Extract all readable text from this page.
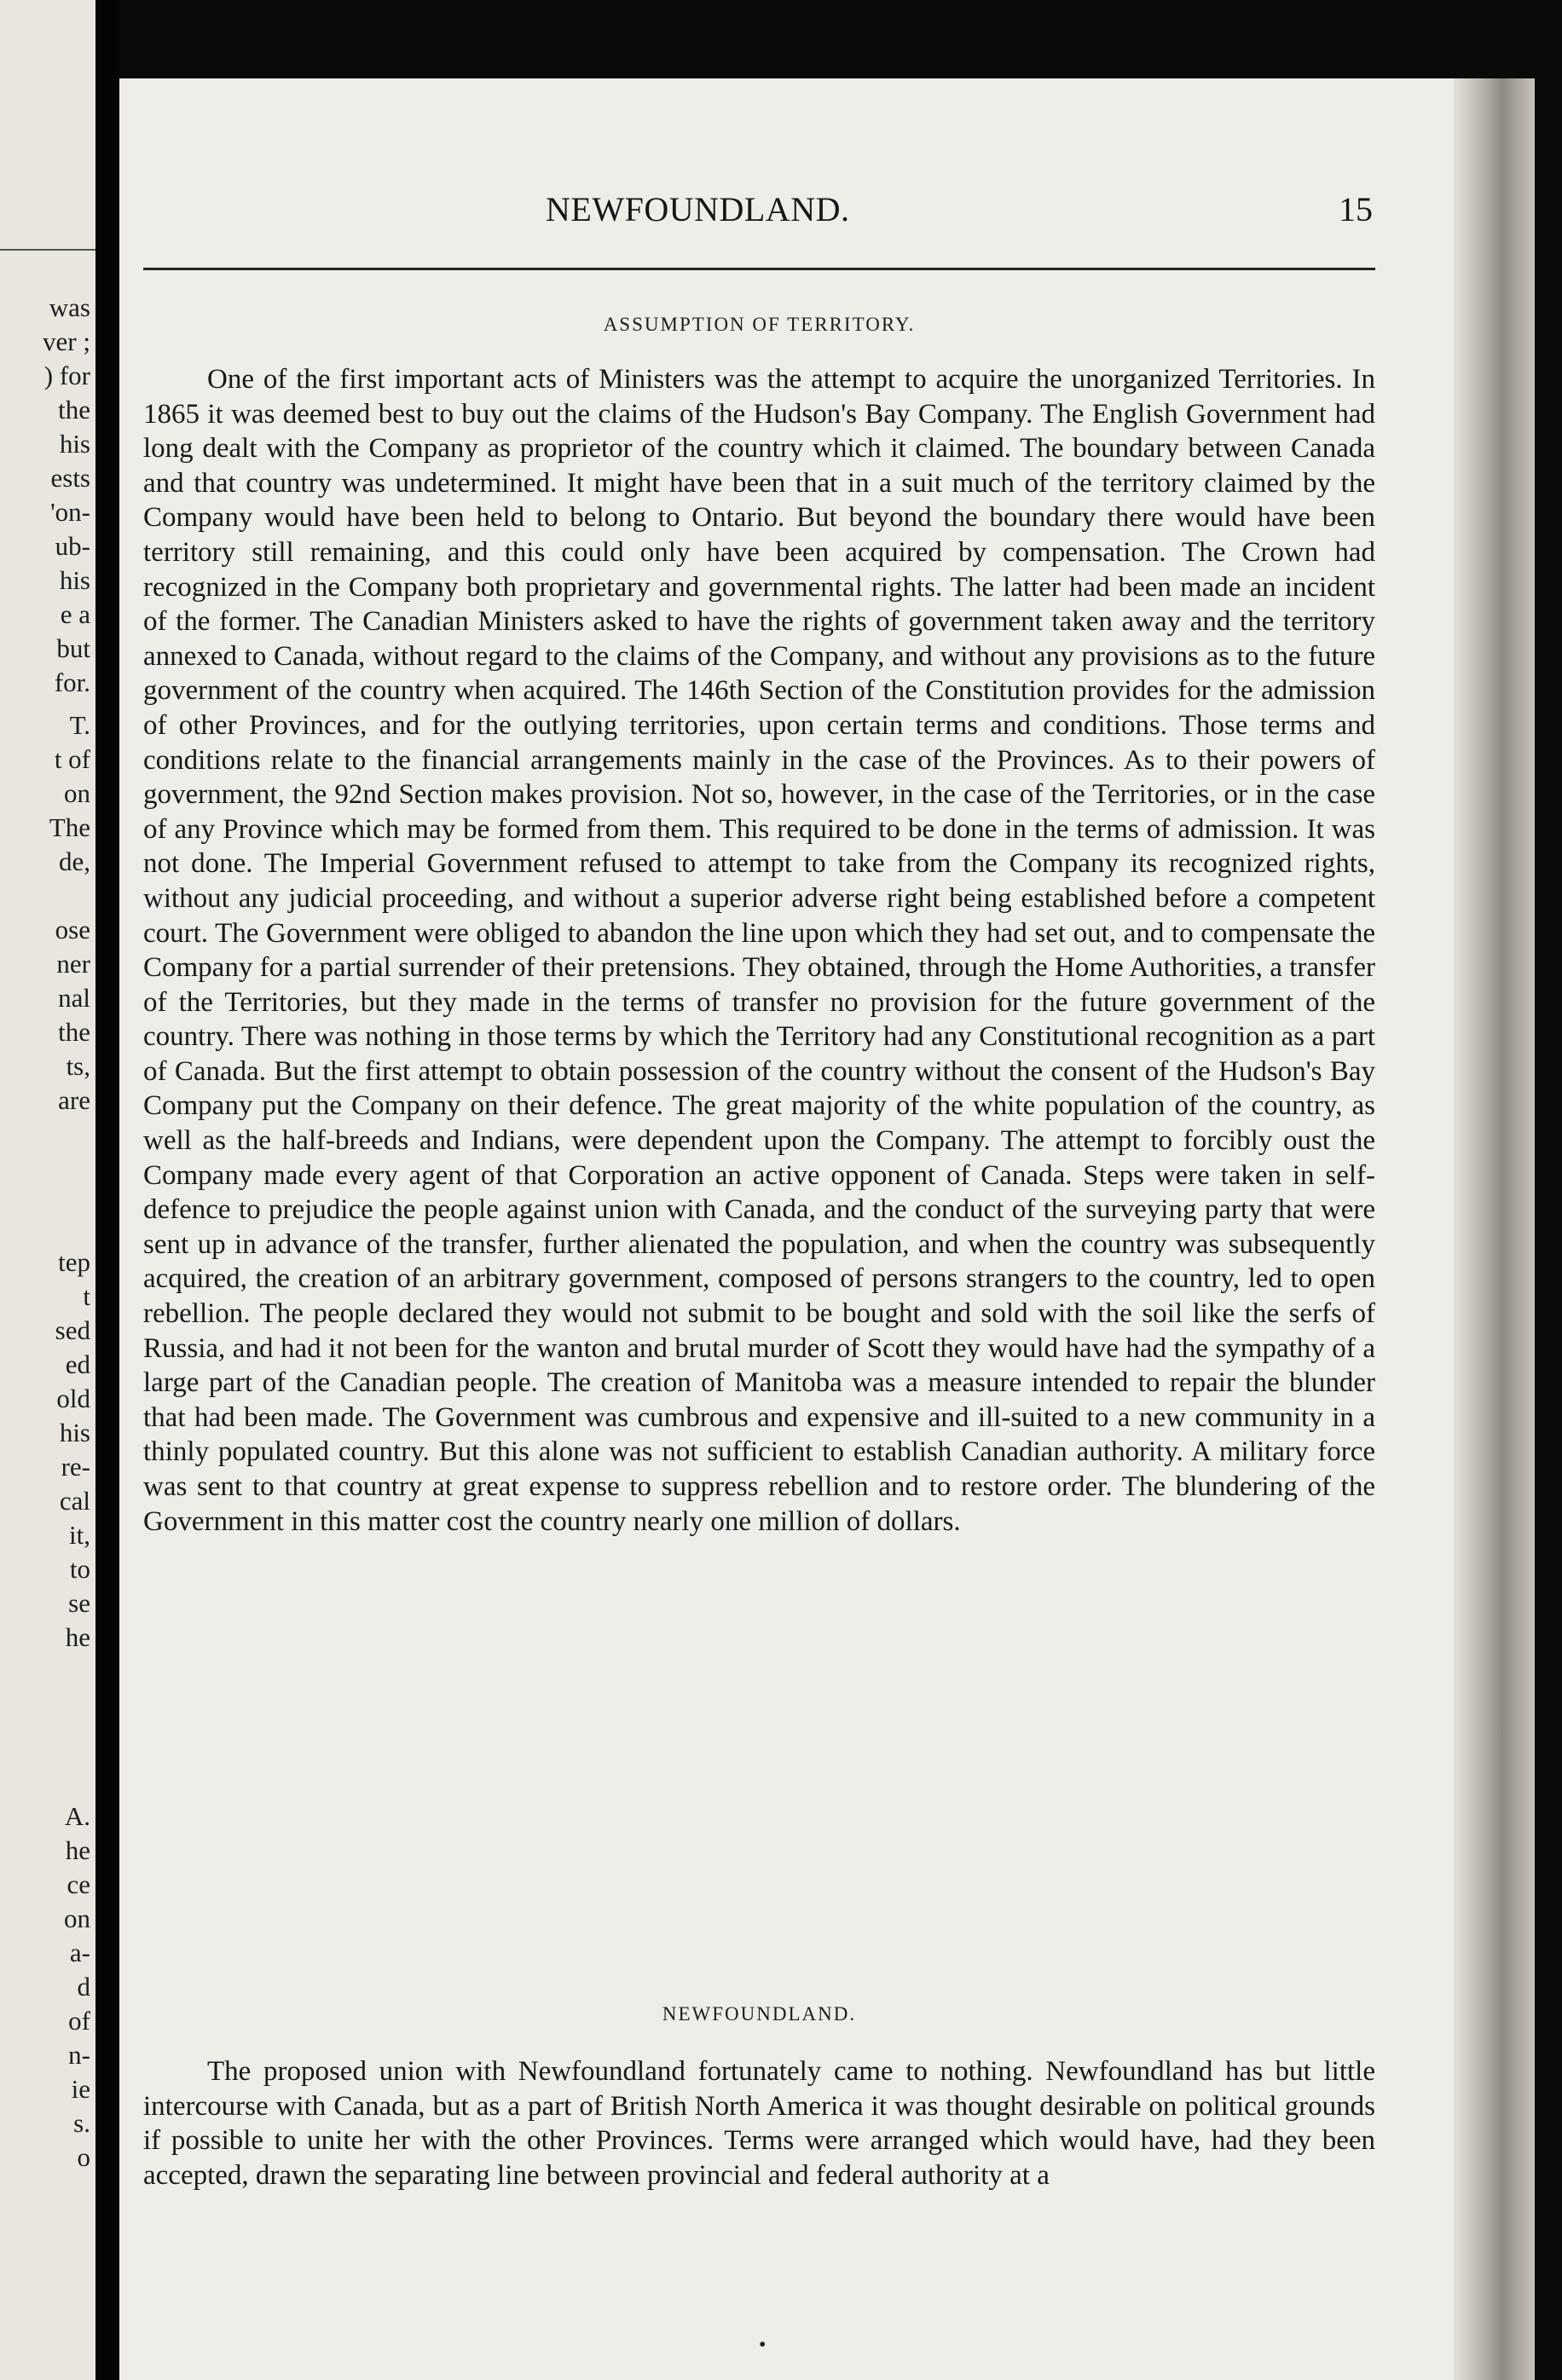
was
ver ;
) for
the
his
ests
'on-
ub-
his
e a
but
for.
T.
t of
on
The
de,
ose
ner
nal
the
ts,
are
tep
t
sed
ed
old
his
re-
cal
it,
to
se
he
A.
he
ce
on
a-
d
of
n-
ie
s.
o
NEWFOUNDLAND.	15
ASSUMPTION OF TERRITORY.

One of the first important acts of Ministers was the attempt to acquire the unorganized Territories. In 1865 it was deemed best to buy out the claims of the Hudson's Bay Company. The English Government had long dealt with the Company as proprietor of the country which it claimed. The boundary between Canada and that country was undetermined. It might have been that in a suit much of the territory claimed by the Company would have been held to belong to Ontario. But beyond the boundary there would have been territory still remaining, and this could only have been acquired by compensation. The Crown had recognized in the Company both proprietary and governmental rights. The latter had been made an incident of the former. The Canadian Ministers asked to have the rights of government taken away and the territory annexed to Canada, without regard to the claims of the Company, and without any provisions as to the future government of the country when acquired. The 146th Section of the Constitution provides for the admission of other Provinces, and for the outlying territories, upon certain terms and conditions. Those terms and conditions relate to the financial arrangements mainly in the case of the Provinces. As to their powers of government, the 92nd Section makes provision. Not so, however, in the case of the Territories, or in the case of any Province which may be formed from them. This required to be done in the terms of admission. It was not done. The Imperial Government refused to attempt to take from the Company its recognized rights, without any judicial proceeding, and without a superior adverse right being established before a competent court. The Government were obliged to abandon the line upon which they had set out, and to compensate the Company for a partial surrender of their pretensions. They obtained, through the Home Authorities, a transfer of the Territories, but they made in the terms of transfer no provision for the future government of the country. There was nothing in those terms by which the Territory had any Constitutional recognition as a part of Canada. But the first attempt to obtain possession of the country without the consent of the Hudson's Bay Company put the Company on their defence. The great majority of the white population of the country, as well as the half-breeds and Indians, were dependent upon the Company. The attempt to forcibly oust the Company made every agent of that Corporation an active opponent of Canada. Steps were taken in self-defence to prejudice the people against union with Canada, and the conduct of the surveying party that were sent up in advance of the transfer, further alienated the population, and when the country was subsequently acquired, the creation of an arbitrary government, composed of persons strangers to the country, led to open rebellion. The people declared they would not submit to be bought and sold with the soil like the serfs of Russia, and had it not been for the wanton and brutal murder of Scott they would have had the sympathy of a large part of the Canadian people. The creation of Manitoba was a measure intended to repair the blunder that had been made. The Government was cumbrous and expensive and ill-suited to a new community in a thinly populated country. But this alone was not sufficient to establish Canadian authority. A military force was sent to that country at great expense to suppress rebellion and to restore order. The blundering of the Government in this matter cost the country nearly one million of dollars.

NEWFOUNDLAND.

The proposed union with Newfoundland fortunately came to nothing. Newfoundland has but little intercourse with Canada, but as a part of British North America it was thought desirable on political grounds if possible to unite her with the other Provinces. Terms were arranged which would have, had they been accepted, drawn the separating line between provincial and federal authority at a

•
